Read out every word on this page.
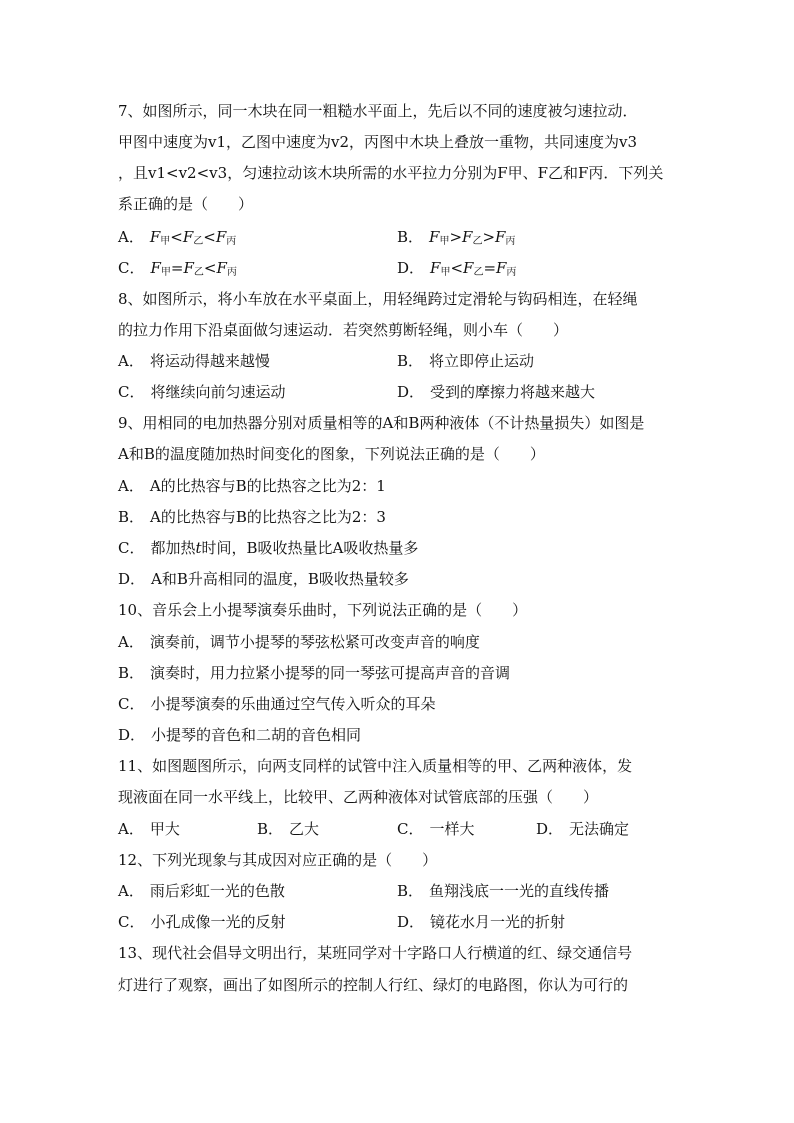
7、如图所示，同一木块在同一粗糙水平面上，先后以不同的速度被匀速拉动．
甲图中速度为v1，乙图中速度为v2，丙图中木块上叠放一重物，共同速度为v3
，且v1<v2<v3，匀速拉动该木块所需的水平拉力分别为F甲、F乙和F丙．下列关
系正确的是（　　）
A． $F_甲<F_乙<F_丙$	B． $F_甲>F_乙>F_丙$
C． $F_甲=F_乙<F_丙$	D． $F_甲<F_乙=F_丙$
8、如图所示，将小车放在水平桌面上，用轻绳跨过定滑轮与钩码相连，在轻绳
的拉力作用下沿桌面做匀速运动．若突然剪断轻绳，则小车（　　）
A． 将运动得越来越慢	B． 将立即停止运动
C． 将继续向前匀速运动	D． 受到的摩擦力将越来越大
9、用相同的电加热器分别对质量相等的A和B两种液体（不计热量损失）如图是
A和B的温度随加热时间变化的图象，下列说法正确的是（　　）
A． A的比热容与B的比热容之比为2：1
B． A的比热容与B的比热容之比为2：3
C． 都加热t时间，B吸收热量比A吸收热量多
D． A和B升高相同的温度，B吸收热量较多
10、音乐会上小提琴演奏乐曲时，下列说法正确的是（　　）
A． 演奏前，调节小提琴的琴弦松紧可改变声音的响度
B． 演奏时，用力拉紧小提琴的同一琴弦可提高声音的音调
C． 小提琴演奏的乐曲通过空气传入听众的耳朵
D． 小提琴的音色和二胡的音色相同
11、如图题图所示，向两支同样的试管中注入质量相等的甲、乙两种液体，发
现液面在同一水平线上，比较甲、乙两种液体对试管底部的压强（　　）
A． 甲大	B． 乙大	C． 一样大	D． 无法确定
12、下列光现象与其成因对应正确的是（　　）
A． 雨后彩虹一光的色散	B． 鱼翔浅底一一光的直线传播
C． 小孔成像一光的反射	D． 镜花水月一光的折射
13、现代社会倡导文明出行，某班同学对十字路口人行横道的红、绿交通信号
灯进行了观察，画出了如图所示的控制人行红、绿灯的电路图，你认为可行的
